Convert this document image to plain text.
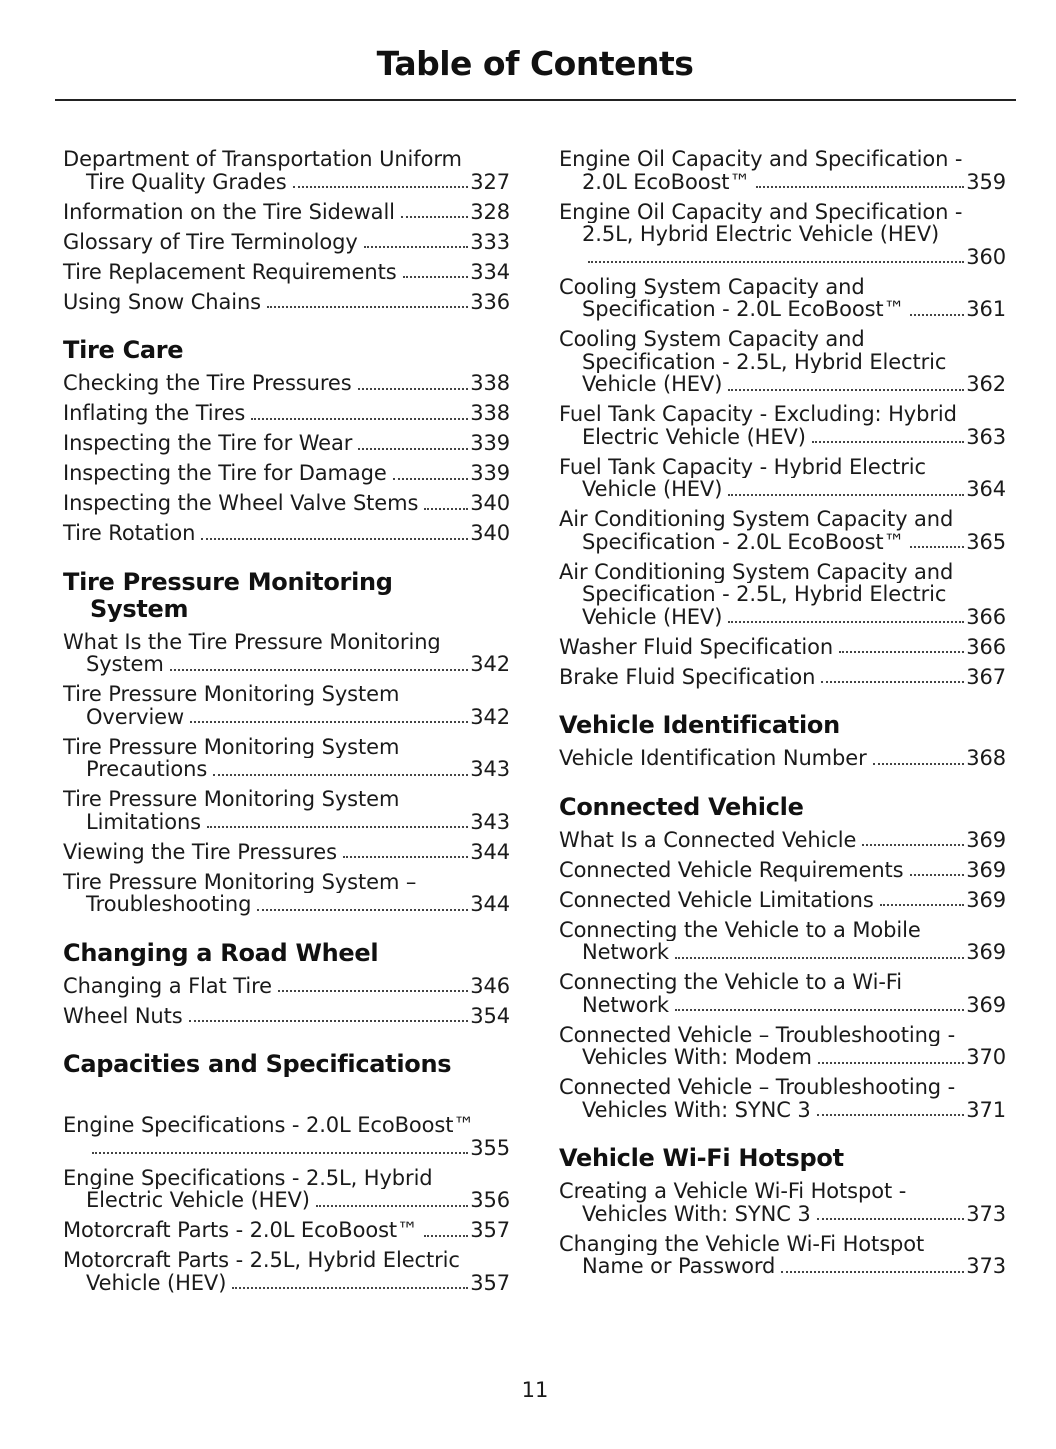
Table of Contents
Department of Transportation Uniform
Tire Quality Grades	327
Information on the Tire Sidewall	328
Glossary of Tire Terminology	333
Tire Replacement Requirements	334
Using Snow Chains	336
Tire Care
Checking the Tire Pressures	338
Inflating the Tires	338
Inspecting the Tire for Wear	339
Inspecting the Tire for Damage	339
Inspecting the Wheel Valve Stems 340
Tire Rotation	340
Tire Pressure Monitoring
System
What Is the Tire Pressure Monitoring
System	342
Tire Pressure Monitoring System
Overview	342
Tire Pressure Monitoring System
Precautions	343
Tire Pressure Monitoring System
Limitations	343
Viewing the Tire Pressures	344
Tire Pressure Monitoring System –
Troubleshooting	344
Changing a Road Wheel
Changing a Flat Tire	346
Wheel Nuts	354
Capacities and Specifications
Engine Specifications - 2.0L EcoBoost™
355
Engine Specifications - 2.5L, Hybrid
Electric Vehicle (HEV)	356
Motorcraft Parts - 2.0L EcoBoost™ 357
Motorcraft Parts - 2.5L, Hybrid Electric
Vehicle (HEV)	357
Engine Oil Capacity and Specification -
2.0L EcoBoost™	359
Engine Oil Capacity and Specification -
2.5L, Hybrid Electric Vehicle (HEV)
360
Cooling System Capacity and
Specification - 2.0L EcoBoost™	361
Cooling System Capacity and
Specification - 2.5L, Hybrid Electric
Vehicle (HEV)	362
Fuel Tank Capacity - Excluding: Hybrid
Electric Vehicle (HEV)	363
Fuel Tank Capacity - Hybrid Electric
Vehicle (HEV)	364
Air Conditioning System Capacity and
Specification - 2.0L EcoBoost™	365
Air Conditioning System Capacity and
Specification - 2.5L, Hybrid Electric
Vehicle (HEV)	366
Washer Fluid Specification	366
Brake Fluid Specification	367
Vehicle Identification
Vehicle Identification Number	368
Connected Vehicle
What Is a Connected Vehicle	369
Connected Vehicle Requirements	369
Connected Vehicle Limitations	369
Connecting the Vehicle to a Mobile
Network	369
Connecting the Vehicle to a Wi-Fi
Network	369
Connected Vehicle – Troubleshooting -
Vehicles With: Modem	370
Connected Vehicle – Troubleshooting -
Vehicles With: SYNC 3	371
Vehicle Wi-Fi Hotspot
Creating a Vehicle Wi-Fi Hotspot -
Vehicles With: SYNC 3	373
Changing the Vehicle Wi-Fi Hotspot
Name or Password	373
11
